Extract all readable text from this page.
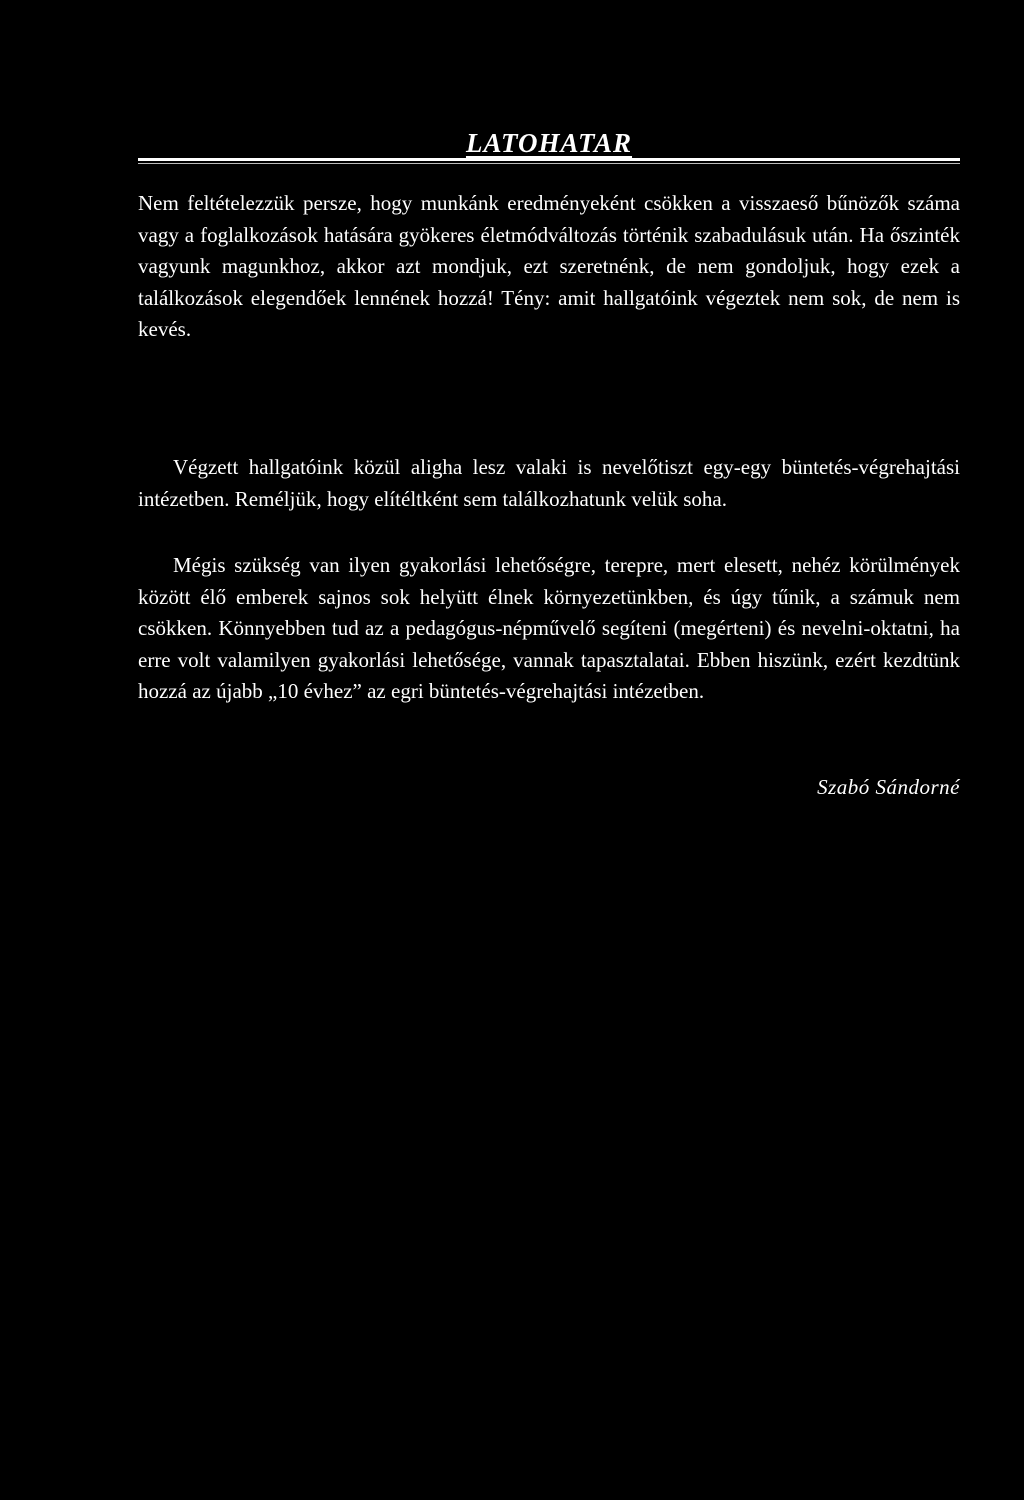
LATOHATAR

Nem feltételezzük persze, hogy munkánk eredményeként csökken a visszaeső bűnözők száma vagy a foglalkozások hatására gyökeres életmódváltozás történik szabadulásuk után. Ha őszinték vagyunk magunkhoz, akkor azt mondjuk, ezt szeretnénk, de nem gondoljuk, hogy ezek a találkozások elegendőek lennének hozzá! Tény: amit hallgatóink végeztek nem sok, de nem is kevés.

Végzett hallgatóink közül aligha lesz valaki is nevelőtiszt egy-egy büntetés-végrehajtási intézetben. Reméljük, hogy elítéltként sem találkozhatunk velük soha.

Mégis szükség van ilyen gyakorlási lehetőségre, terepre, mert elesett, nehéz körülmények között élő emberek sajnos sok helyütt élnek környezetünkben, és úgy tűnik, a számuk nem csökken. Könnyebben tud az a pedagógus-népművelő segíteni (megérteni) és nevelni-oktatni, ha erre volt valamilyen gyakorlási lehetősége, vannak tapasztalatai. Ebben hiszünk, ezért kezdtünk hozzá az újabb „10 évhez” az egri büntetés-végrehajtási intézetben.

Szabó Sándorné
